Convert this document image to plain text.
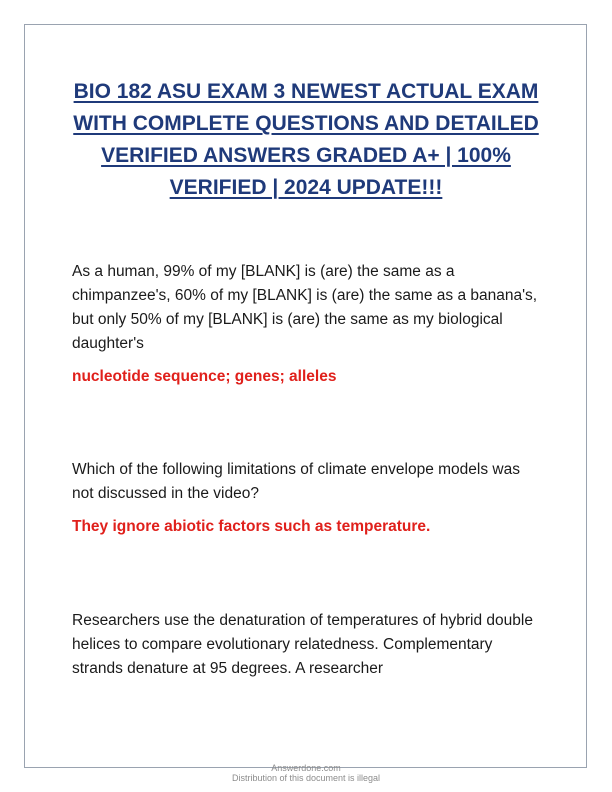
BIO 182 ASU EXAM 3 NEWEST ACTUAL EXAM WITH COMPLETE QUESTIONS AND DETAILED VERIFIED ANSWERS GRADED A+ | 100% VERIFIED | 2024 UPDATE!!!

As a human, 99% of my [BLANK] is (are) the same as a chimpanzee's, 60% of my [BLANK] is (are) the same as a banana's, but only 50% of my [BLANK] is (are) the same as my biological daughter's

nucleotide sequence; genes; alleles

Which of the following limitations of climate envelope models was not discussed in the video?

They ignore abiotic factors such as temperature.

Researchers use the denaturation of temperatures of hybrid double helices to compare evolutionary relatedness. Complementary strands denature at 95 degrees. A researcher

Answerdone.com
Distribution of this document is illegal
